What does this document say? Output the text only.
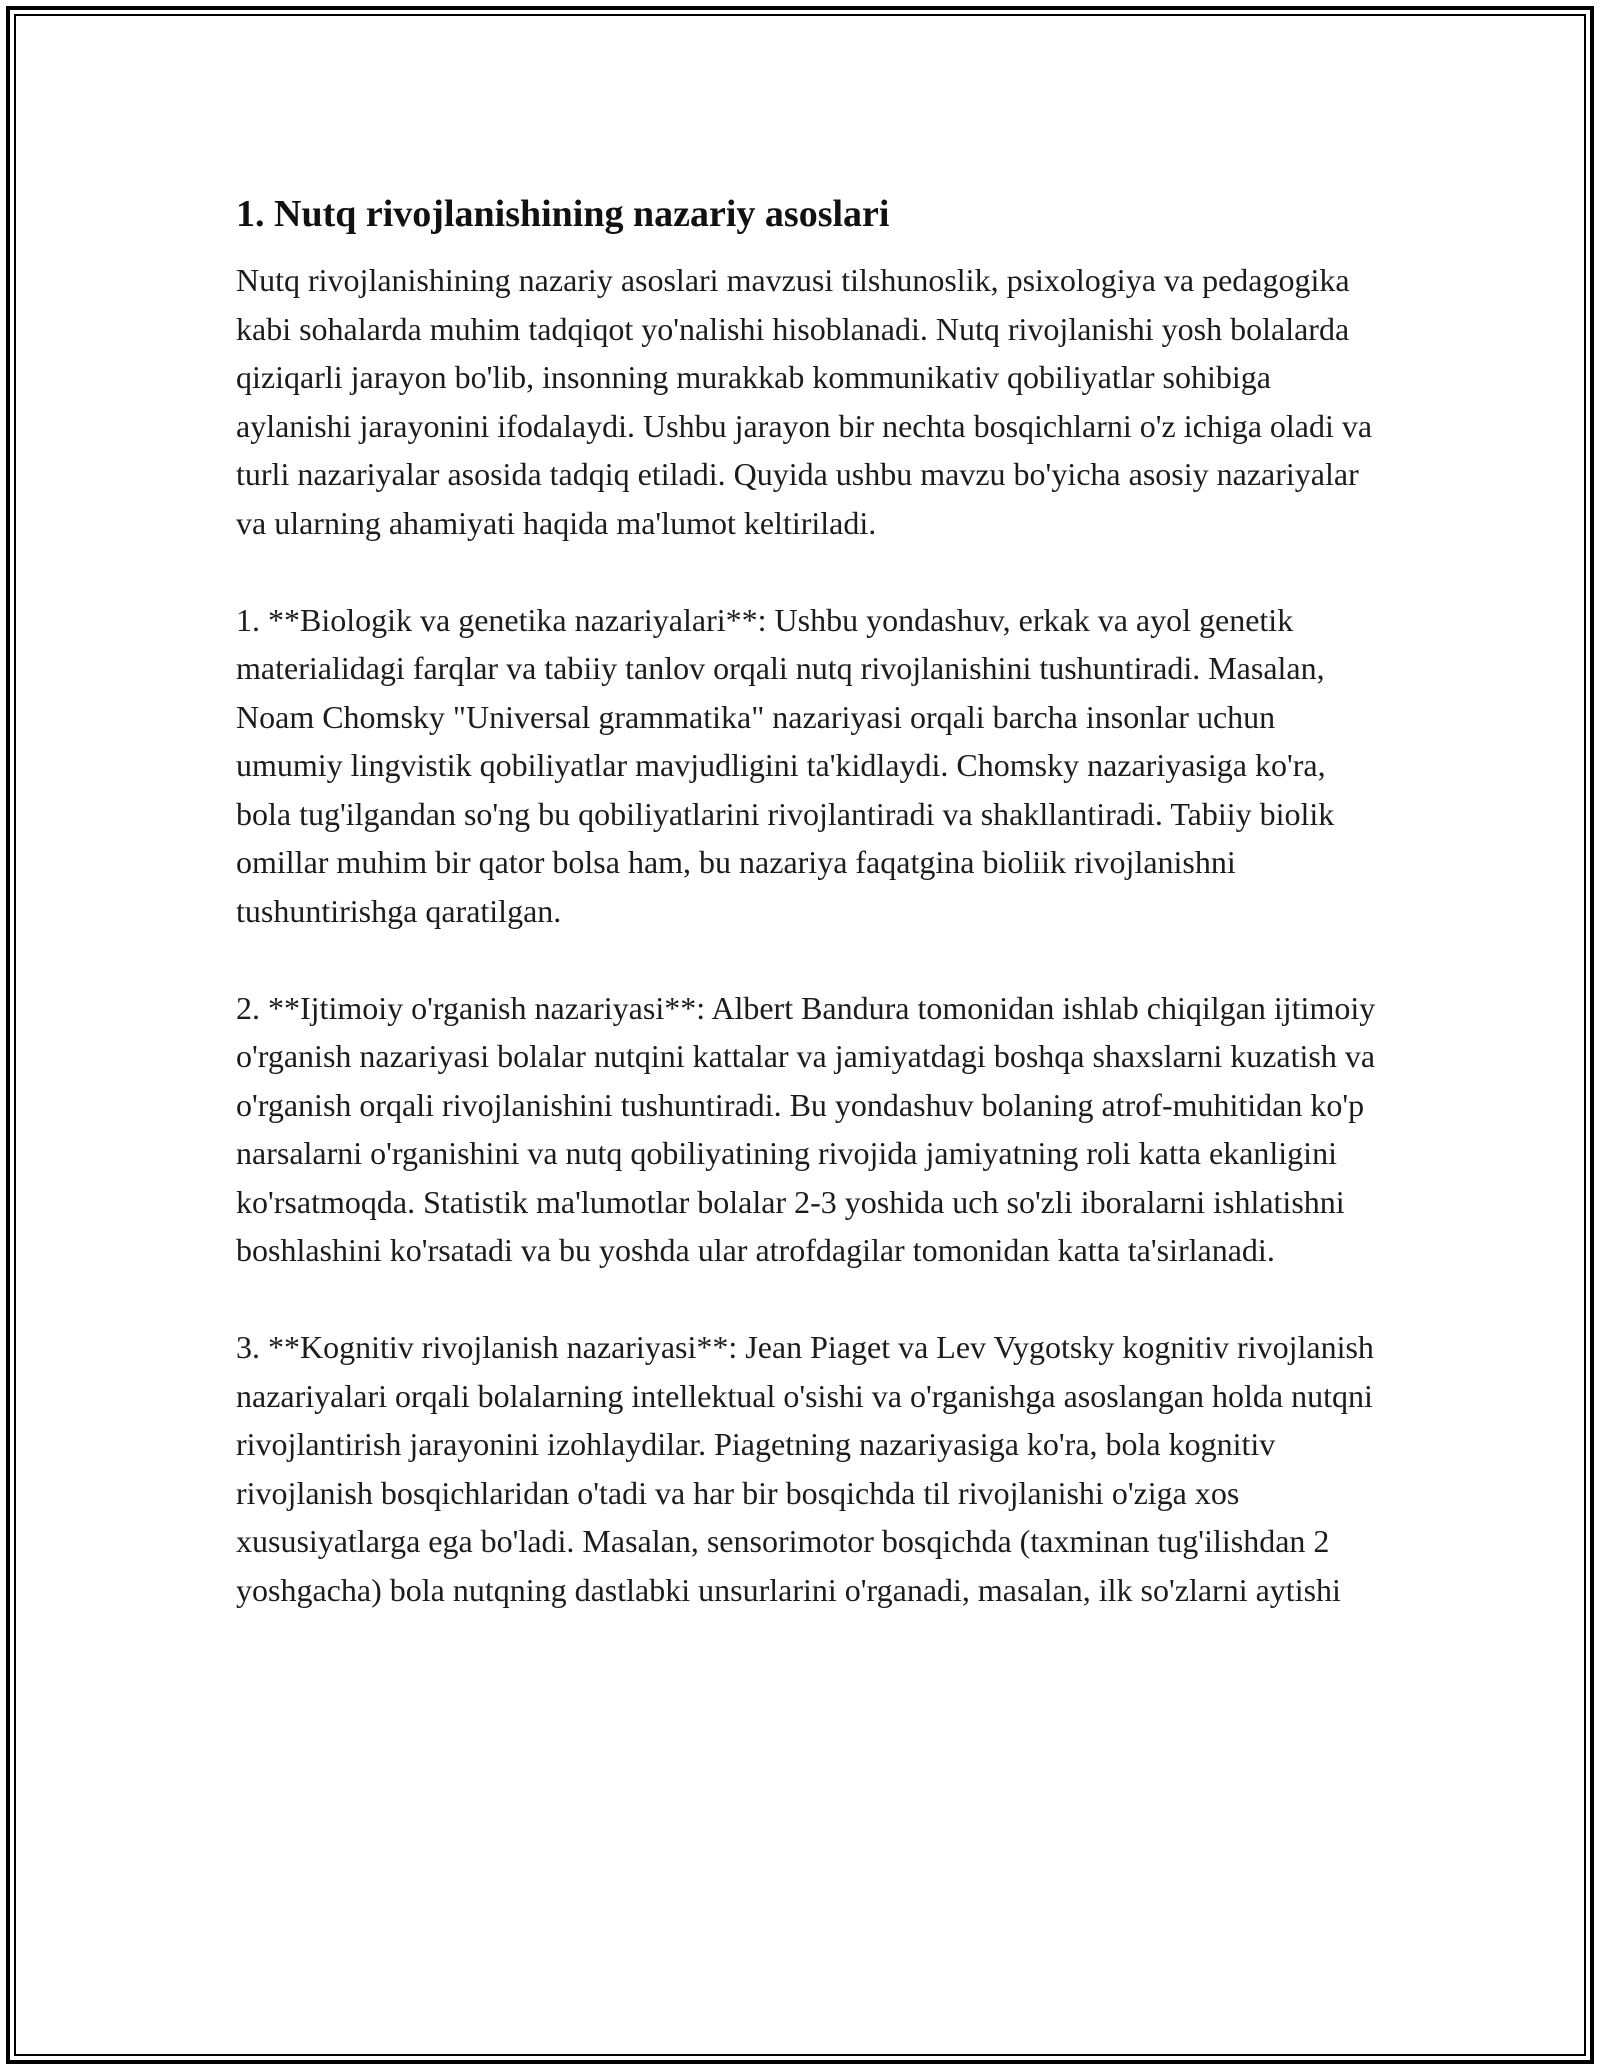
1. Nutq rivojlanishining nazariy asoslari

Nutq rivojlanishining nazariy asoslari mavzusi tilshunoslik, psixologiya va pedagogika kabi sohalarda muhim tadqiqot yo'nalishi hisoblanadi. Nutq rivojlanishi yosh bolalarda qiziqarli jarayon bo'lib, insonning murakkab kommunikativ qobiliyatlar sohibiga aylanishi jarayonini ifodalaydi. Ushbu jarayon bir nechta bosqichlarni o'z ichiga oladi va turli nazariyalar asosida tadqiq etiladi. Quyida ushbu mavzu bo'yicha asosiy nazariyalar va ularning ahamiyati haqida ma'lumot keltiriladi.

1. **Biologik va genetika nazariyalari**: Ushbu yondashuv, erkak va ayol genetik materialidagi farqlar va tabiiy tanlov orqali nutq rivojlanishini tushuntiradi. Masalan, Noam Chomsky "Universal grammatika" nazariyasi orqali barcha insonlar uchun umumiy lingvistik qobiliyatlar mavjudligini ta'kidlaydi. Chomsky nazariyasiga ko'ra, bola tug'ilgandan so'ng bu qobiliyatlarini rivojlantiradi va shakllantiradi. Tabiiy biolik omillar muhim bir qator bolsa ham, bu nazariya faqatgina bioliik rivojlanishni tushuntirishga qaratilgan.

2. **Ijtimoiy o'rganish nazariyasi**: Albert Bandura tomonidan ishlab chiqilgan ijtimoiy o'rganish nazariyasi bolalar nutqini kattalar va jamiyatdagi boshqa shaxslarni kuzatish va o'rganish orqali rivojlanishini tushuntiradi. Bu yondashuv bolaning atrof-muhitidan ko'p narsalarni o'rganishini va nutq qobiliyatining rivojida jamiyatning roli katta ekanligini ko'rsatmoqda. Statistik ma'lumotlar bolalar 2-3 yoshida uch so'zli iboralarni ishlatishni boshlashini ko'rsatadi va bu yoshda ular atrofdagilar tomonidan katta ta'sirlanadi.

3. **Kognitiv rivojlanish nazariyasi**: Jean Piaget va Lev Vygotsky kognitiv rivojlanish nazariyalari orqali bolalarning intellektual o'sishi va o'rganishga asoslangan holda nutqni rivojlantirish jarayonini izohlaydilar. Piagetning nazariyasiga ko'ra, bola kognitiv rivojlanish bosqichlaridan o'tadi va har bir bosqichda til rivojlanishi o'ziga xos xususiyatlarga ega bo'ladi. Masalan, sensorimotor bosqichda (taxminan tug'ilishdan 2 yoshgacha) bola nutqning dastlabki unsurlarini o'rganadi, masalan, ilk so'zlarni aytishi
